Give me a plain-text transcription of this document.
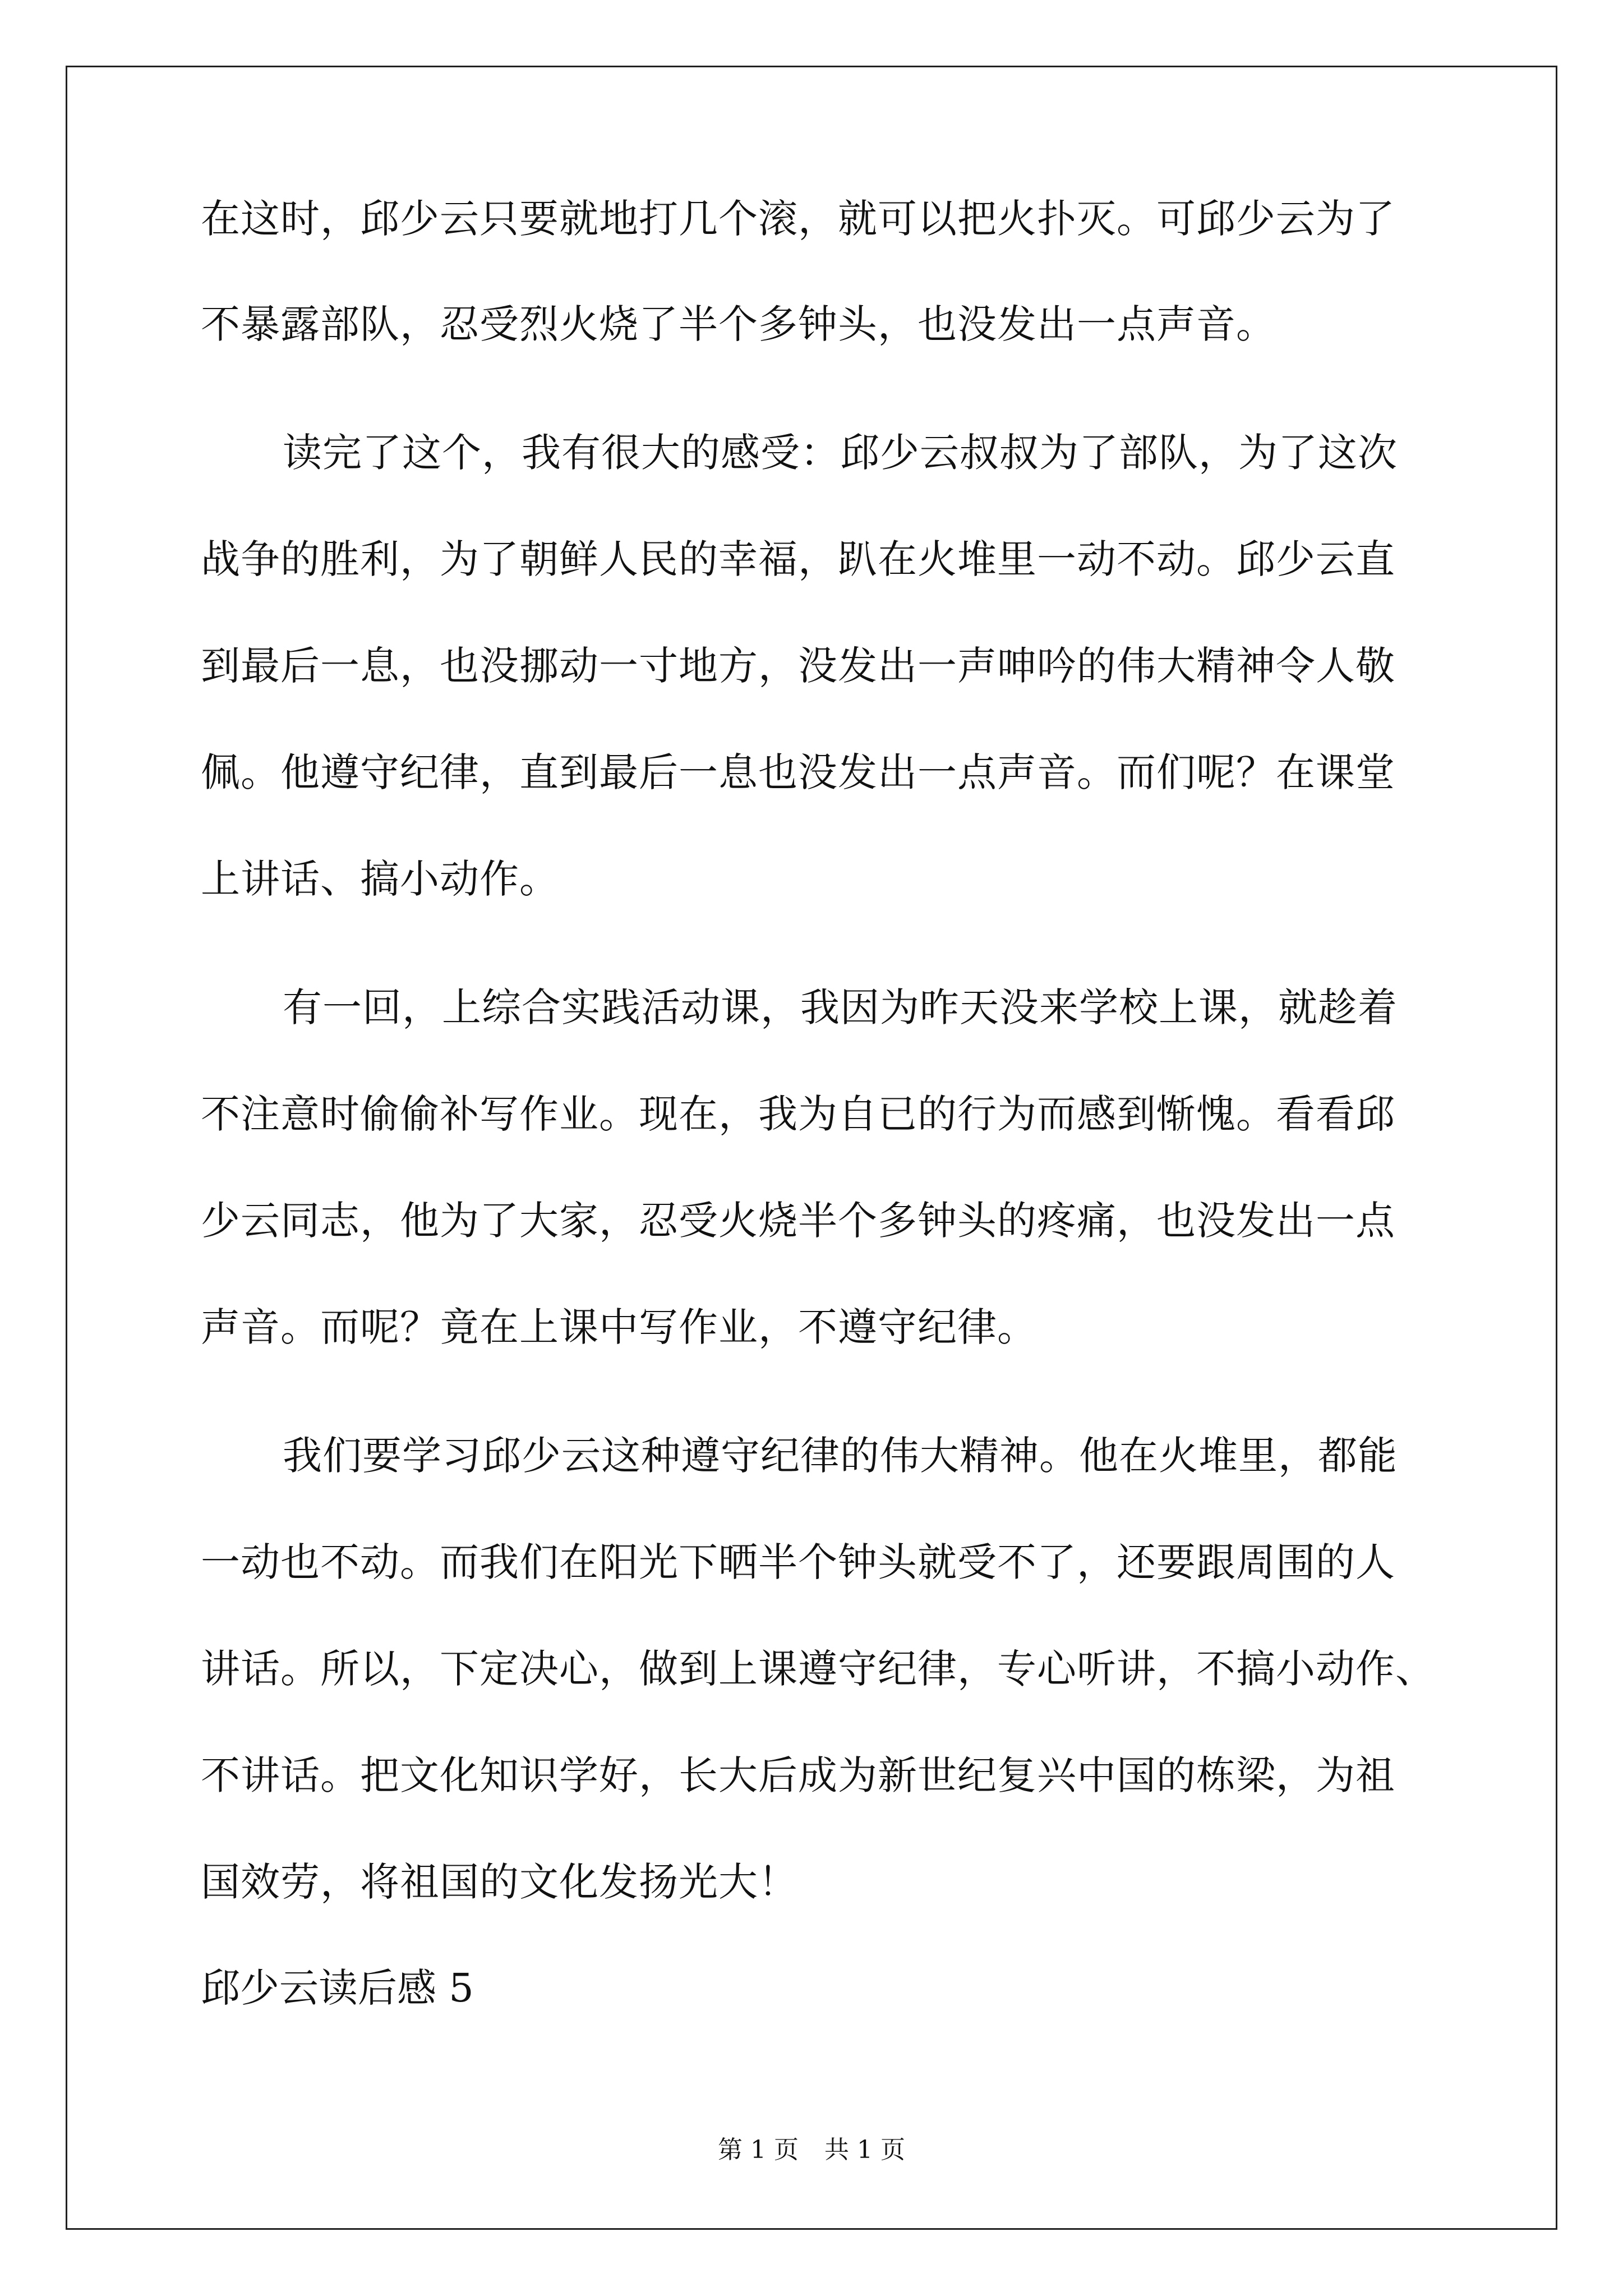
在这时，邱少云只要就地打几个滚，就可以把火扑灭。可邱少云为了

不暴露部队，忍受烈火烧了半个多钟头，也没发出一点声音。

读完了这个，我有很大的感受：邱少云叔叔为了部队，为了这次

战争的胜利，为了朝鲜人民的幸福，趴在火堆里一动不动。邱少云直

到最后一息，也没挪动一寸地方，没发出一声呻吟的伟大精神令人敬

佩。他遵守纪律，直到最后一息也没发出一点声音。而们呢？在课堂

上讲话、搞小动作。

有一回，上综合实践活动课，我因为昨天没来学校上课，就趁着

不注意时偷偷补写作业。现在，我为自已的行为而感到惭愧。看看邱

少云同志，他为了大家，忍受火烧半个多钟头的疼痛，也没发出一点

声音。而呢？竟在上课中写作业，不遵守纪律。

我们要学习邱少云这种遵守纪律的伟大精神。他在火堆里，都能

一动也不动。而我们在阳光下晒半个钟头就受不了，还要跟周围的人

讲话。所以，下定决心，做到上课遵守纪律，专心听讲，不搞小动作、

不讲话。把文化知识学好，长大后成为新世纪复兴中国的栋梁，为祖

国效劳，将祖国的文化发扬光大！

邱少云读后感 5

第 1 页 共 1 页
